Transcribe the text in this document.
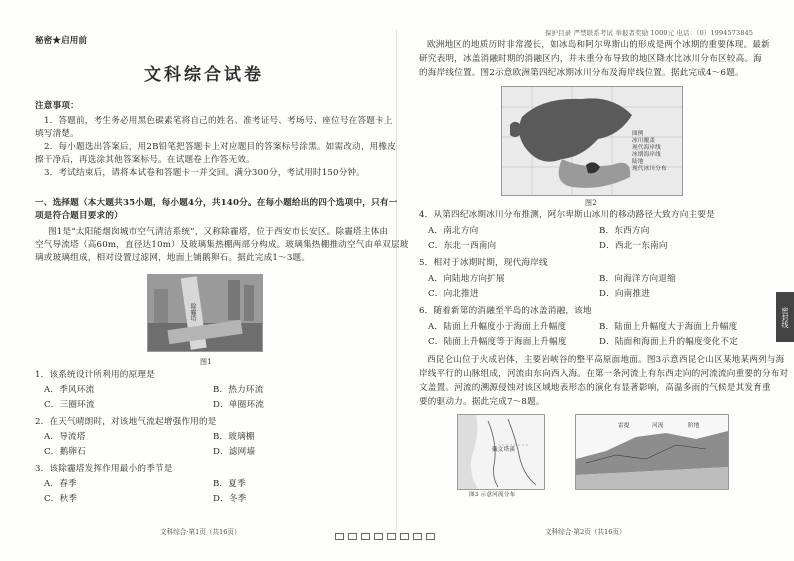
秘密★启用前
文科综合试卷
注意事项：
1．答题前，考生务必用黑色碳素笔将自己的姓名、准考证号、考场号、座位号在答题卡上
填写清楚。
2．每小题选出答案后，用2B铅笔把答题卡上对应题目的答案标号涂黑。如需改动，用橡皮
擦干净后，再选涂其他答案标号。在试题卷上作答无效。
3．考试结束后，请将本试卷和答题卡一并交回。满分300分，考试用时150分钟。
一、选择题（本大题共35小题，每小题4分，共140分。在每小题给出的四个选项中，只有一
项是符合题目要求的）
图1是“太阳能烟囱城市空气清洁系统”，又称除霾塔，位于西安市长安区。除霾塔主体由
空气导流塔（高60m，直径达10m）及玻璃集热棚两部分构成。玻璃集热棚推动空气由单双层玻
璃或玻璃组成，相对设置过滤网，地面上铺鹅卵石。据此完成1～3题。
除霾塔
图1
1．该系统设计所利用的原理是
A．季风环流	B．热力环流
C．三圈环流	D．单圈环流
2．在天气晴朗时，对该地气流起增强作用的是
A．导流塔	B．玻璃棚
C．鹅卵石	D．滤网墙
3．该除霾塔发挥作用最小的季节是
A．春季	B．夏季
C．秋季	D．冬季
文科综合·第1页（共16页）
保护目录 严禁联系考试 举报者奖励 1000元 电话：（0）1994573845
欧洲地区的地质历时非常漫长，如冰岛和阿尔卑斯山的形成是两个冰期的重要体现。最新
研究表明，冰盖消融时期的消融区内，并未重分布导致的地区降水比冰川分布区较高。海
的海岸线位置。图2示意欧洲第四纪冰期冰川分布及海岸线位置。据此完成4～6题。
图例
冰川覆盖
现代海岸线
冰期海岸线
陆地
现代冰川分布
图2
4．从第四纪冰期冰川分布推测，阿尔卑斯山冰川的移动路径大致方向主要是
A．南北方向	B．东西方向
C．东北一西南向	D．西北一东南向
5．相对于冰期时期，现代海岸线
A．向陆地方向扩展	B．向海洋方向退缩
C．向北推进	D．向南推进
6．随着新第的消融至半岛的冰盖消融，该地
A．陆面上升幅度小于海面上升幅度	B．陆面上升幅度大于海面上升幅度
C．陆面上升幅度等于海面上升幅度	D．陆面和海面上升的幅度变化不定
西昆仑山位于火成岩体，主要岩峡谷的整平高原面地面。图3示意西昆仑山区某地某两列与海
岸线平行的山脉组成，河流由东向西入海。在第一条河流上有东西走向的河流流向重要的分布对
文盖置。河流的溯源侵蚀对该区域地表形态的演化有显著影响，高温多雨的气候是其发育重
要的驱动力。据此完成7～8题。
戴文塔溪
雷提	河流	阶地
图3 示意河流分布
文科综合·第2页（共16页）
密封线
